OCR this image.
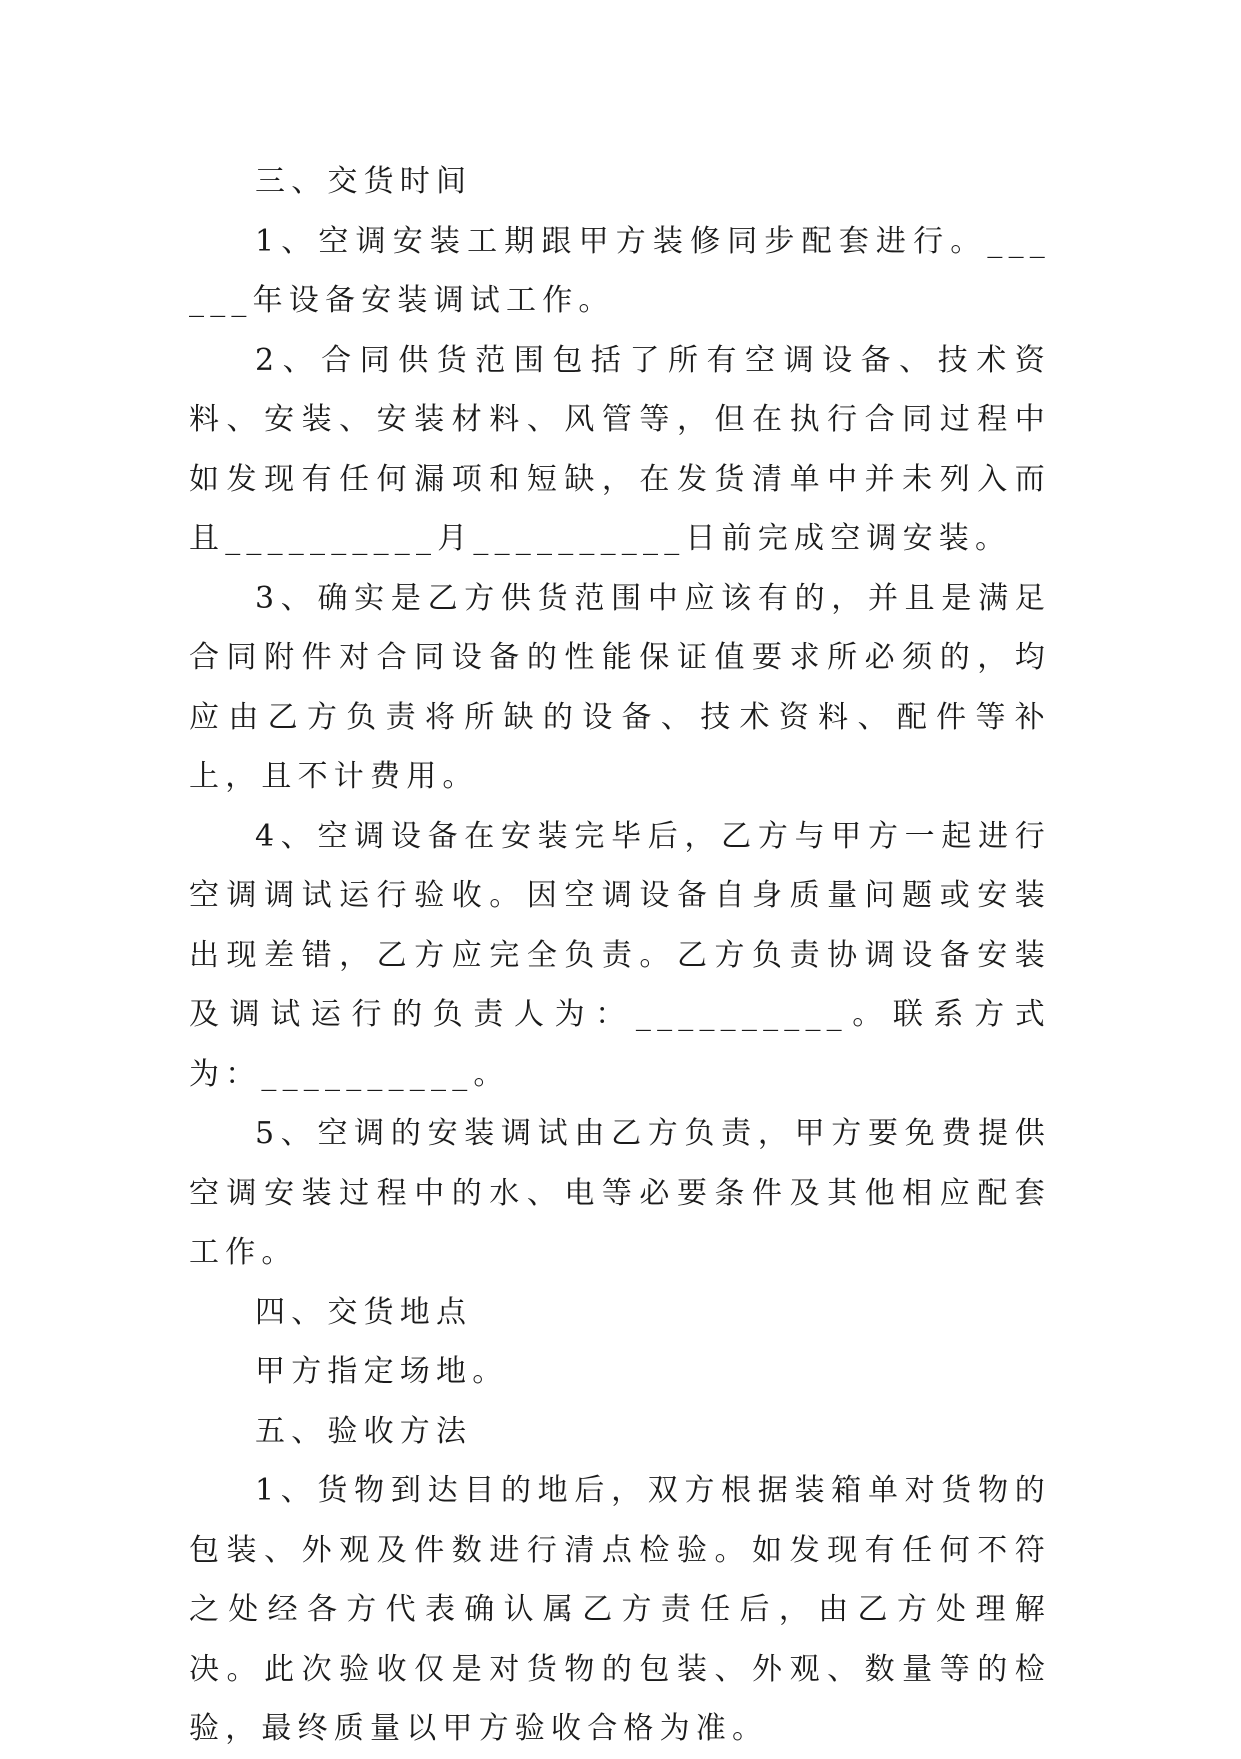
三、交货时间

1、空调安装工期跟甲方装修同步配套进行。______年设备安装调试工作。

2、合同供货范围包括了所有空调设备、技术资料、安装、安装材料、风管等，但在执行合同过程中如发现有任何漏项和短缺，在发货清单中并未列入而且__________月__________日前完成空调安装。

3、确实是乙方供货范围中应该有的，并且是满足合同附件对合同设备的性能保证值要求所必须的，均应由乙方负责将所缺的设备、技术资料、配件等补上，且不计费用。

4、空调设备在安装完毕后，乙方与甲方一起进行空调调试运行验收。因空调设备自身质量问题或安装出现差错，乙方应完全负责。乙方负责协调设备安装及调试运行的负责人为：__________。联系方式为：__________。

5、空调的安装调试由乙方负责，甲方要免费提供空调安装过程中的水、电等必要条件及其他相应配套工作。

四、交货地点

甲方指定场地。

五、验收方法

1、货物到达目的地后，双方根据装箱单对货物的包装、外观及件数进行清点检验。如发现有任何不符之处经各方代表确认属乙方责任后，由乙方处理解决。此次验收仅是对货物的包装、外观、数量等的检验，最终质量以甲方验收合格为准。
